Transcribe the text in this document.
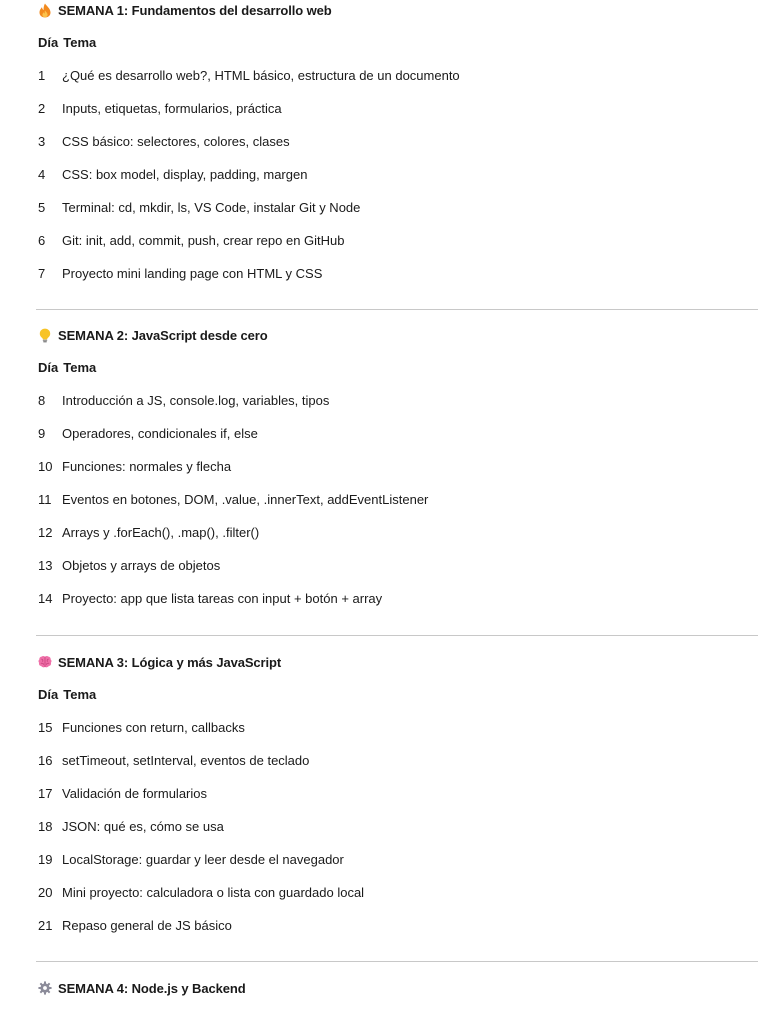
SEMANA 1: Fundamentos del desarrollo web
Día Tema
1	¿Qué es desarrollo web?, HTML básico, estructura de un documento
2	Inputs, etiquetas, formularios, práctica
3	CSS básico: selectores, colores, clases
4	CSS: box model, display, padding, margen
5	Terminal: cd, mkdir, ls, VS Code, instalar Git y Node
6	Git: init, add, commit, push, crear repo en GitHub
7	Proyecto mini landing page con HTML y CSS
SEMANA 2: JavaScript desde cero
Día Tema
8	Introducción a JS, console.log, variables, tipos
9	Operadores, condicionales if, else
10 Funciones: normales y flecha
11 Eventos en botones, DOM, .value, .innerText, addEventListener
12 Arrays y .forEach(), .map(), .filter()
13 Objetos y arrays de objetos
14 Proyecto: app que lista tareas con input + botón + array
SEMANA 3: Lógica y más JavaScript
Día Tema
15 Funciones con return, callbacks
16 setTimeout, setInterval, eventos de teclado
17 Validación de formularios
18 JSON: qué es, cómo se usa
19 LocalStorage: guardar y leer desde el navegador
20 Mini proyecto: calculadora o lista con guardado local
21 Repaso general de JS básico
SEMANA 4: Node.js y Backend
